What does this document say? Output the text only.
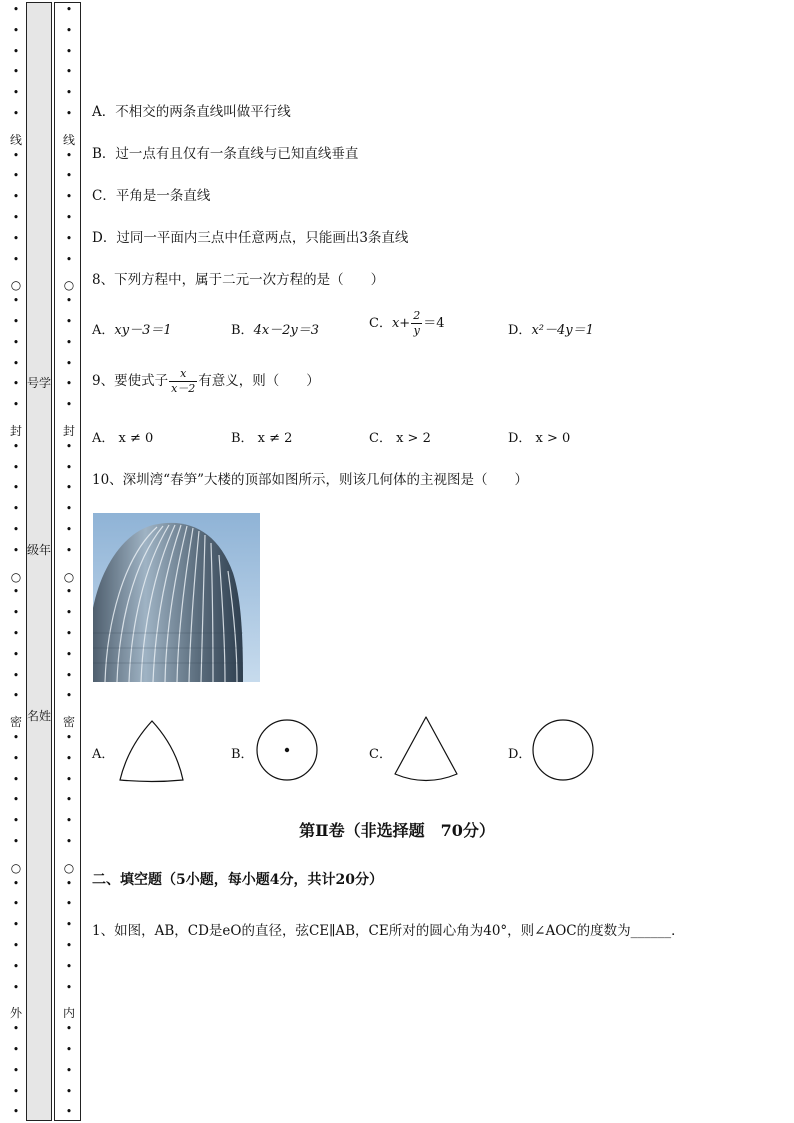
•
•
•
•
•
•
•
•
•
•
•
•
•
•
•
•
•
•
•
•
•
•
•
•
•
•
•
•
•
•
•
•
•
•
•
•
•
•
•
•
•
•
•
•
•
•
•
○
○
○
线
封
密
外
•
•
•
•
•
•
•
•
•
•
•
•
•
•
•
•
•
•
•
•
•
•
•
•
•
•
•
•
•
•
•
•
•
•
•
•
•
•
•
•
•
•
•
•
•
•
•
○
○
○
线
封
密
内
号学
级年
名姓
A．不相交的两条直线叫做平行线
B．过一点有且仅有一条直线与已知直线垂直
C．平角是一条直线
D．过同一平面内三点中任意两点，只能画出3条直线
8、下列方程中，属于二元一次方程的是（　　）
A．xy－3＝1	B．4x－2y＝3	C．$x+ \frac{2}{y} =4$	D．x²－4y＝1
9、要使式子 $\frac{x}{x-2}$ 有意义，则（　　）
A． x ≠ 0	B． x ≠ 2	C． x > 2	D． x > 0
10、深圳湾“春笋”大楼的顶部如图所示，则该几何体的主视图是（　　）
A．	B．	C．	D．
第Ⅱ卷（非选择题　70分）
二、填空题（5小题，每小题4分，共计20分）
1、如图，AB，CD是eO的直径，弦CE∥AB，CE所对的圆心角为40°，则∠AOC的度数为______．
